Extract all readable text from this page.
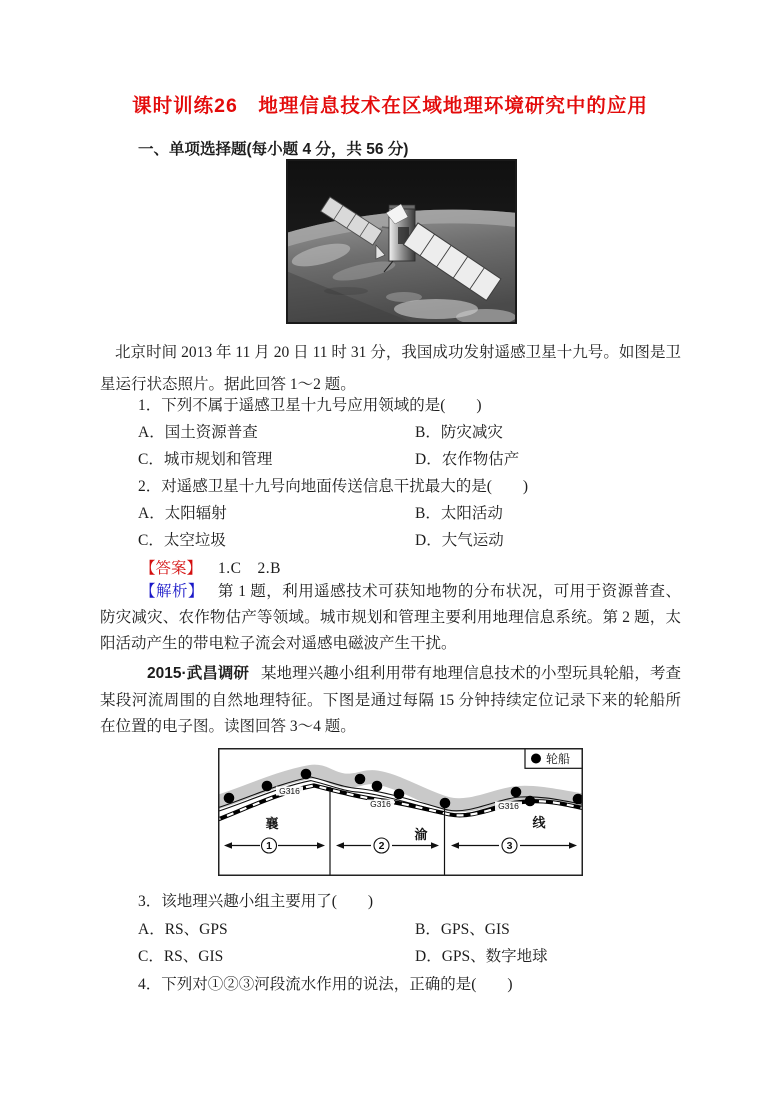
课时训练26　地理信息技术在区域地理环境研究中的应用
一、单项选择题(每小题 4 分，共 56 分)

北京时间 2013 年 11 月 20 日 11 时 31 分，我国成功发射遥感卫星十九号。如图是卫星运行状态照片。据此回答 1～2 题。

1．下列不属于遥感卫星十九号应用领域的是(　　)
A．国土资源普查	B．防灾减灾
C．城市规划和管理	D．农作物估产
2．对遥感卫星十九号向地面传送信息干扰最大的是(　　)
A．太阳辐射	B．太阳活动
C．太空垃圾	D．大气运动
【答案】 1.C　2.B

【解析】 第 1 题，利用遥感技术可获知地物的分布状况，可用于资源普查、防灾减灾、农作物估产等领域。城市规划和管理主要利用地理信息系统。第 2 题，太阳活动产生的带电粒子流会对遥感电磁波产生干扰。

2015·武昌调研 某地理兴趣小组利用带有地理信息技术的小型玩具轮船，考查某段河流周围的自然地理特征。下图是通过每隔 15 分钟持续定位记录下来的轮船所在位置的电子图。读图回答 3～4 题。

G316
G316	G316
襄
渝
线
1	2	3
轮船
3．该地理兴趣小组主要用了(　　)
A．RS、GPS	B．GPS、GIS
C．RS、GIS	D．GPS、数字地球
4．下列对①②③河段流水作用的说法，正确的是(　　)
